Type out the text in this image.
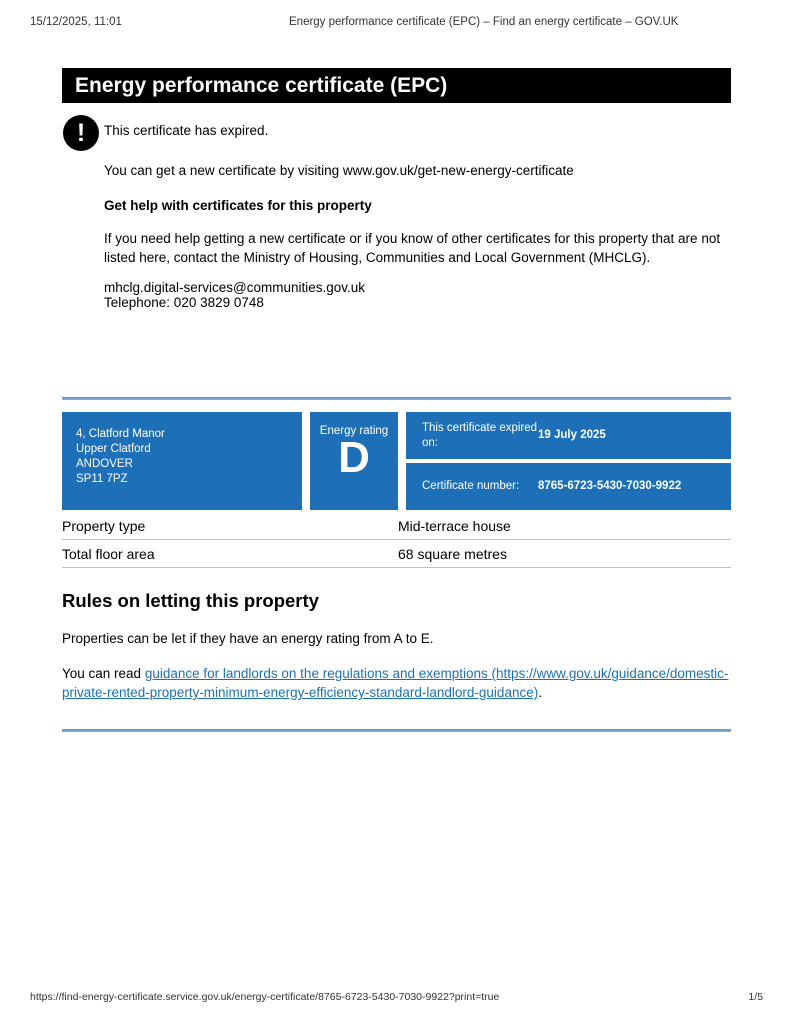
15/12/2025, 11:01	Energy performance certificate (EPC) – Find an energy certificate – GOV.UK
Energy performance certificate (EPC)
! This certificate has expired.

You can get a new certificate by visiting www.gov.uk/get-new-energy-certificate

Get help with certificates for this property

If you need help getting a new certificate or if you know of other certificates for this property that are not listed here, contact the Ministry of Housing, Communities and Local Government (MHCLG).

mhclg.digital-services@communities.gov.uk
Telephone: 020 3829 0748

4, Clatford Manor
Upper Clatford
ANDOVER
SP11 7PZ
Energy rating
D
This certificate expired on:
19 July 2025
Certificate number:	8765-6723-5430-7030-9922
Property type	Mid-terrace house
Total floor area	68 square metres
Rules on letting this property

Properties can be let if they have an energy rating from A to E.

You can read guidance for landlords on the regulations and exemptions (https://www.gov.uk/guidance/domestic-private-rented-property-minimum-energy-efficiency-standard-landlord-guidance).

https://find-energy-certificate.service.gov.uk/energy-certificate/8765-6723-5430-7030-9922?print=true	1/5
